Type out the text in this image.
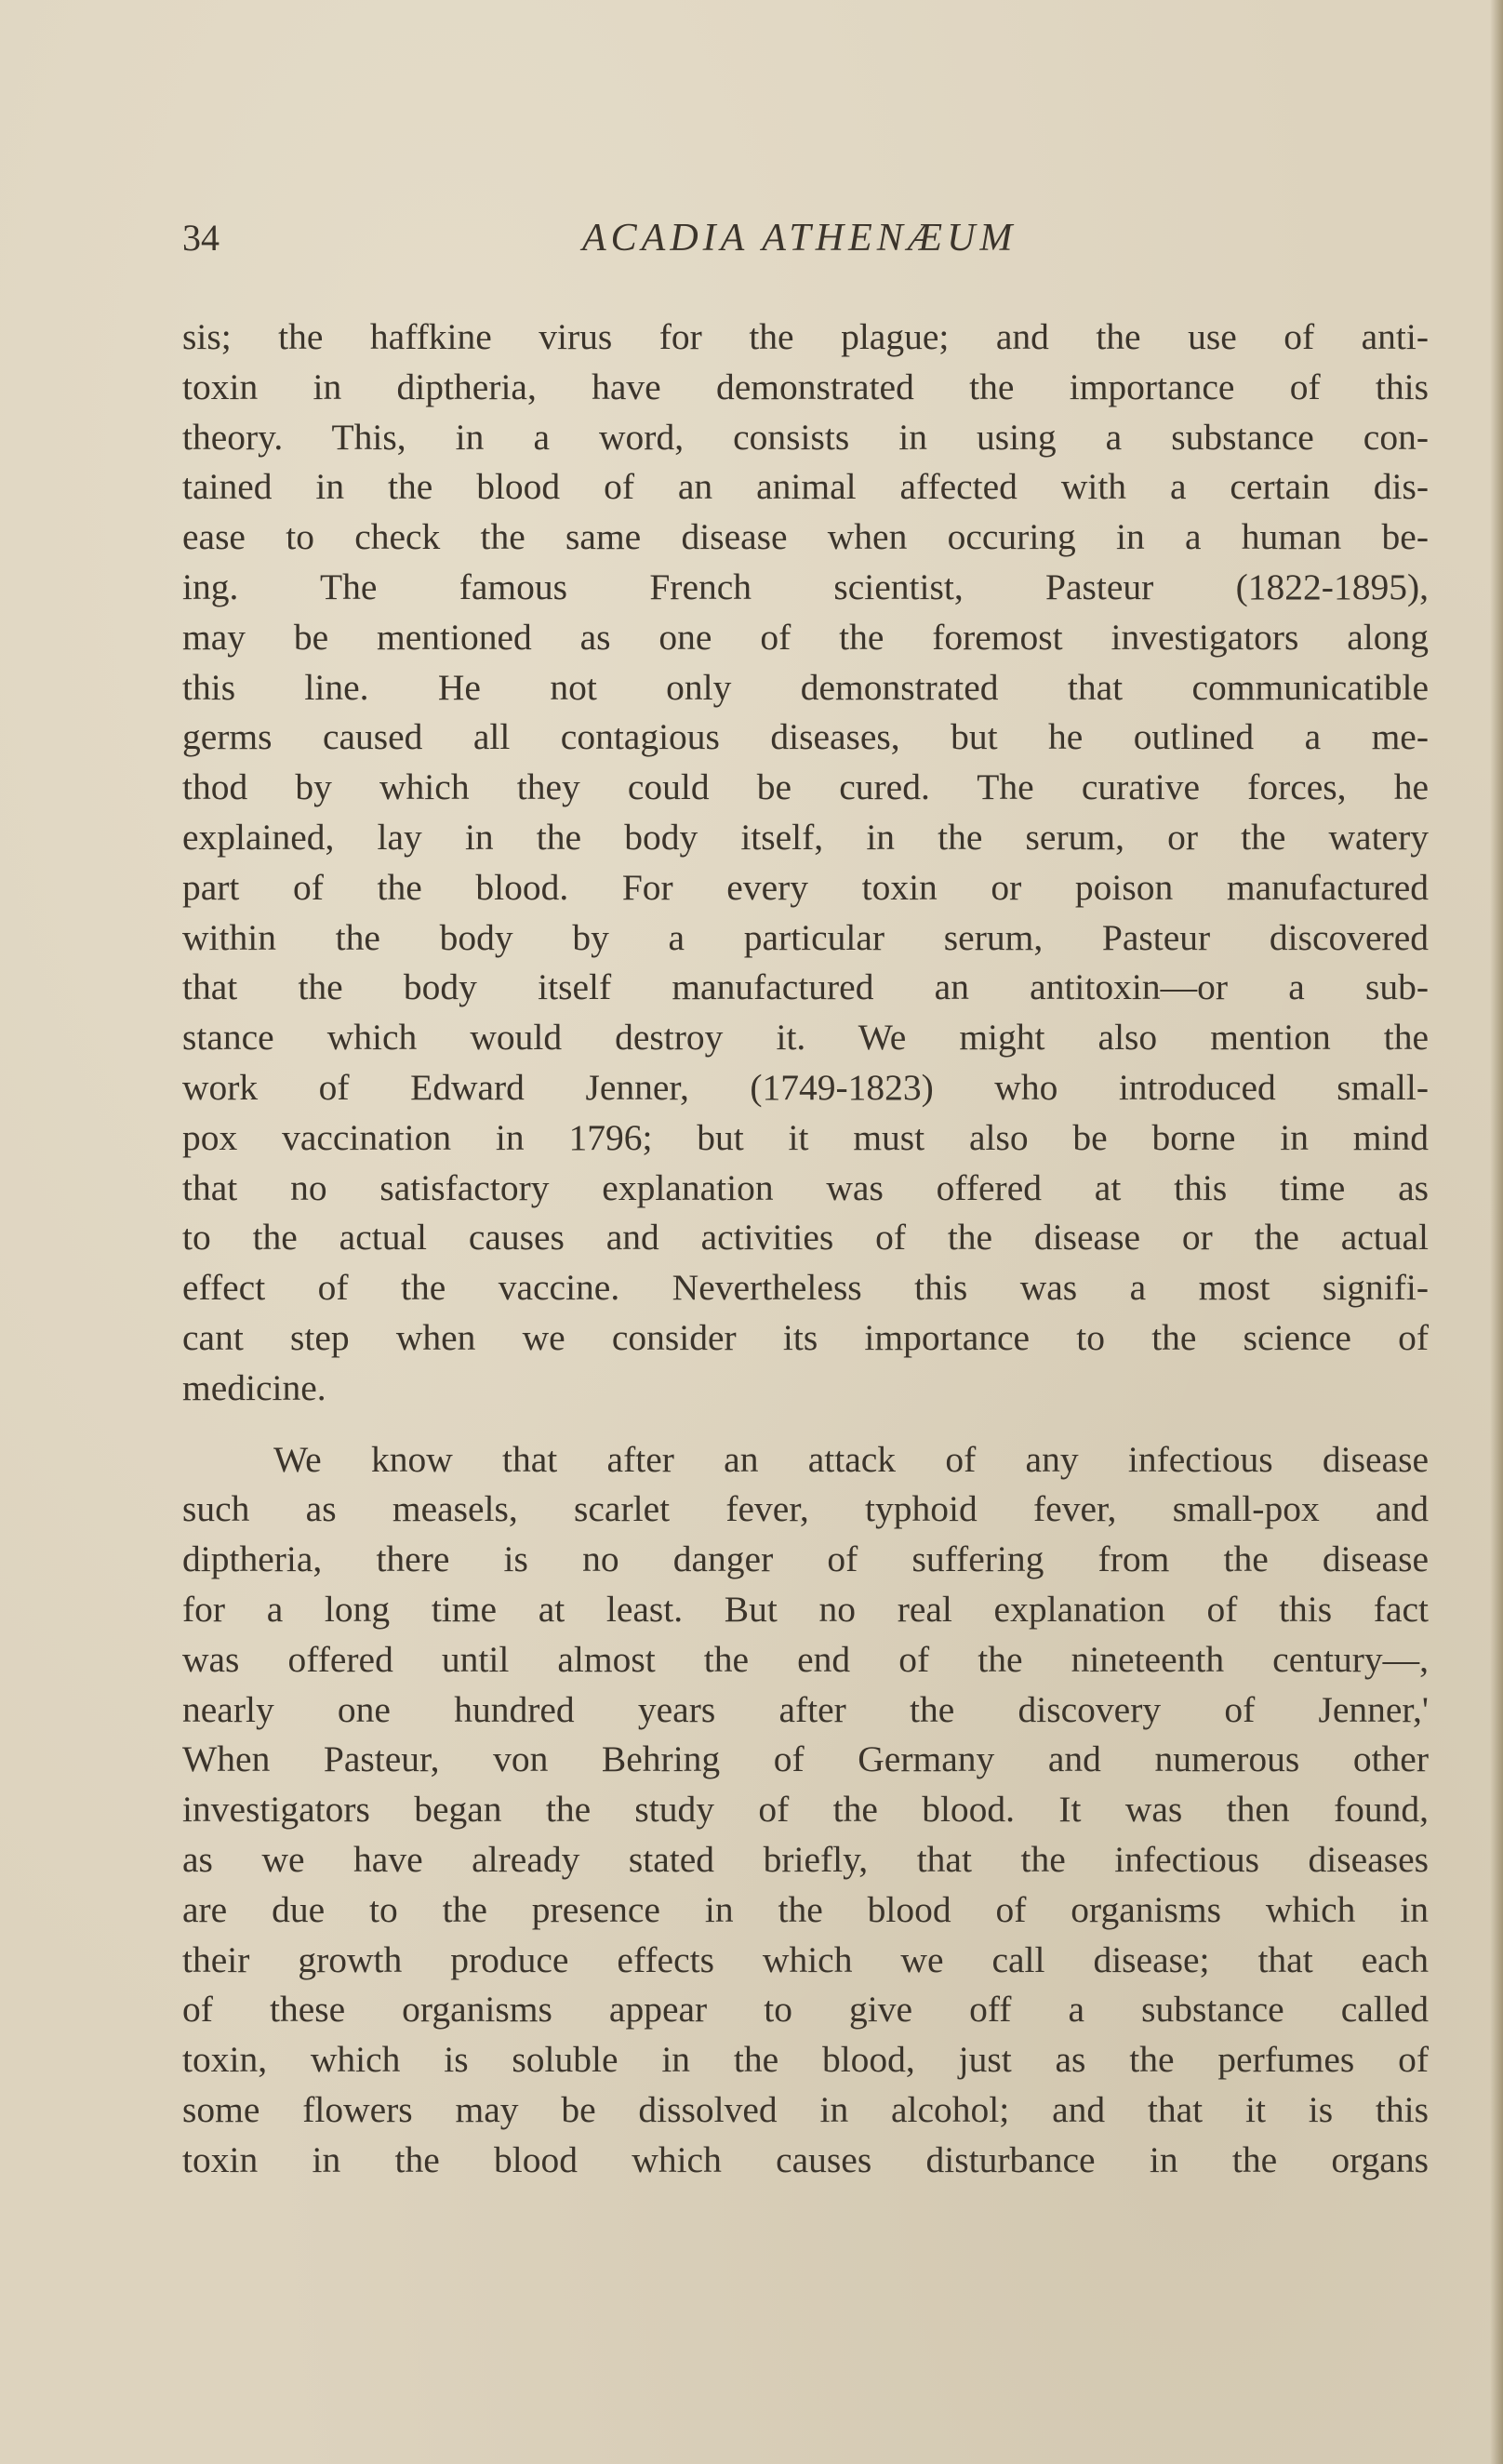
34	ACADIA ATHENÆUM

sis; the haffkine virus for the plague; and the use of anti-

toxin in diptheria, have demonstrated the importance of this

theory. This, in a word, consists in using a substance con-

tained in the blood of an animal affected with a certain dis-

ease to check the same disease when occuring in a human be-

ing. The famous French scientist, Pasteur (1822-1895),

may be mentioned as one of the foremost investigators along

this line. He not only demonstrated that communicatible

germs caused all contagious diseases, but he outlined a me-

thod by which they could be cured. The curative forces, he

explained, lay in the body itself, in the serum, or the watery

part of the blood. For every toxin or poison manufactured

within the body by a particular serum, Pasteur discovered

that the body itself manufactured an antitoxin—or a sub-

stance which would destroy it. We might also mention the

work of Edward Jenner, (1749-1823) who introduced small-

pox vaccination in 1796; but it must also be borne in mind

that no satisfactory explanation was offered at this time as

to the actual causes and activities of the disease or the actual

effect of the vaccine. Nevertheless this was a most signifi-

cant step when we consider its importance to the science of

medicine.

We know that after an attack of any infectious disease

such as measels, scarlet fever, typhoid fever, small-pox and

diptheria, there is no danger of suffering from the disease

for a long time at least. But no real explanation of this fact

was offered until almost the end of the nineteenth century—,

nearly one hundred years after the discovery of Jenner,'

When Pasteur, von Behring of Germany and numerous other

investigators began the study of the blood. It was then found,

as we have already stated briefly, that the infectious diseases

are due to the presence in the blood of organisms which in

their growth produce effects which we call disease; that each

of these organisms appear to give off a substance called

toxin, which is soluble in the blood, just as the perfumes of

some flowers may be dissolved in alcohol; and that it is this

toxin in the blood which causes disturbance in the organs
